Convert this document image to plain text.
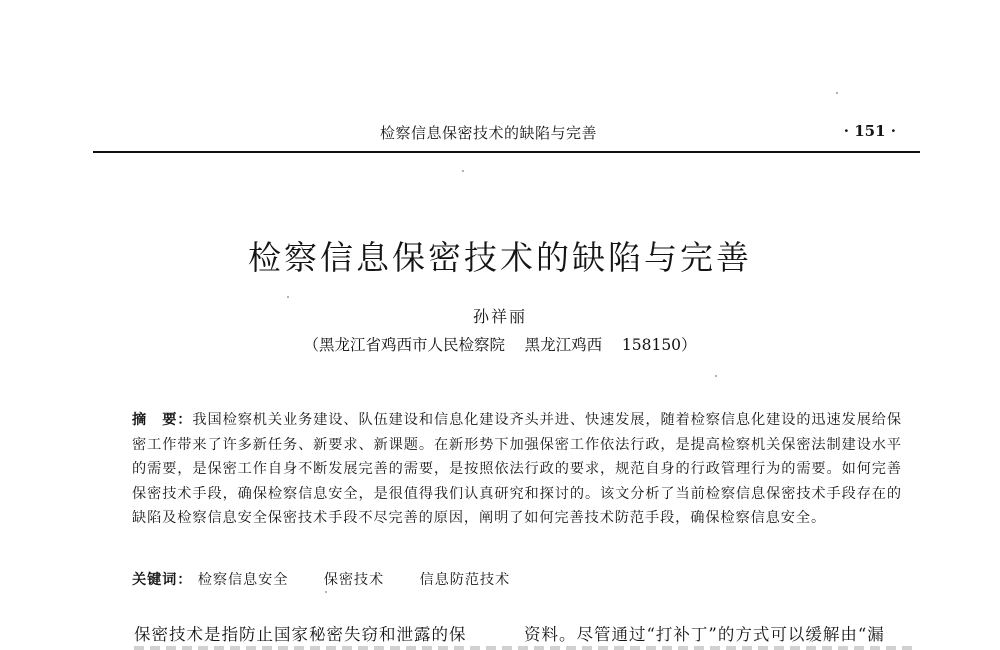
检察信息保密技术的缺陷与完善	· 151 ·
检察信息保密技术的缺陷与完善
孙祥丽
（黑龙江省鸡西市人民检察院    黑龙江鸡西    158150）
摘　要：我国检察机关业务建设、队伍建设和信息化建设齐头并进、快速发展，随着检察信息化建设的迅速发展给保密工作带来了许多新任务、新要求、新课题。在新形势下加强保密工作依法行政，是提高检察机关保密法制建设水平的需要，是保密工作自身不断发展完善的需要，是按照依法行政的要求，规范自身的行政管理行为的需要。如何完善保密技术手段，确保检察信息安全，是很值得我们认真研究和探讨的。该文分析了当前检察信息保密技术手段存在的缺陷及检察信息安全保密技术手段不尽完善的原因，阐明了如何完善技术防范手段，确保检察信息安全。
关键词： 检察信息安全 保密技术 信息防范技术
保密技术是指防止国家秘密失窃和泄露的保	资料。尽管通过“打补丁”的方式可以缓解由“漏
